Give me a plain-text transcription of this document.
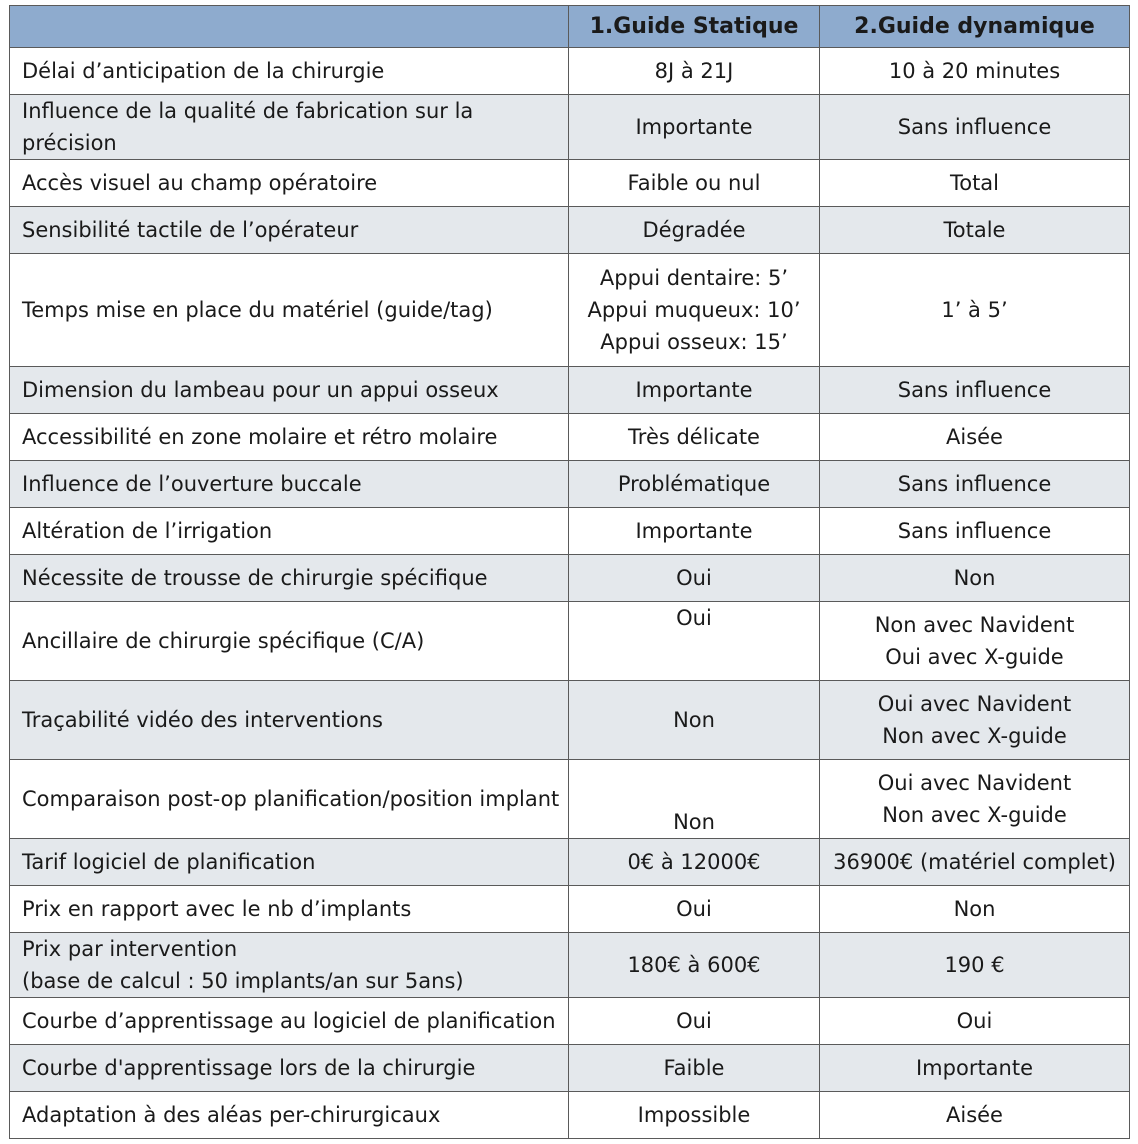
	1.Guide Statique	2.Guide dynamique

Délai d’anticipation de la chirurgie	8J à 21J	10 à 20 minutes

Influence de la qualité de fabrication sur la précision	Importante	Sans influence

Accès visuel au champ opératoire	Faible ou nul	Total

Sensibilité tactile de l’opérateur	Dégradée	Totale

Temps mise en place du matériel (guide/tag)	Appui dentaire: 5’
Appui muqueux: 10’
Appui osseux: 15’	1’ à 5’

Dimension du lambeau pour un appui osseux	Importante	Sans influence

Accessibilité en zone molaire et rétro molaire	Très délicate	Aisée

Influence de l’ouverture buccale	Problématique	Sans influence

Altération de l’irrigation	Importante	Sans influence

Nécessite de trousse de chirurgie spécifique	Oui	Non

Ancillaire de chirurgie spécifique (C/A)	Oui	Non avec Navident
Oui avec X-guide

Traçabilité vidéo des interventions	Non	Oui avec Navident
Non avec X-guide

Comparaison post-op planification/position implant	Non	Oui avec Navident
Non avec X-guide

Tarif logiciel de planification	0€ à 12000€	36900€ (matériel complet)

Prix en rapport avec le nb d’implants	Oui	Non

Prix par intervention
(base de calcul : 50 implants/an sur 5ans)	180€ à 600€	190 €

Courbe d’apprentissage au logiciel de planification	Oui	Oui

Courbe d'apprentissage lors de la chirurgie	Faible	Importante

Adaptation à des aléas per-chirurgicaux	Impossible	Aisée
